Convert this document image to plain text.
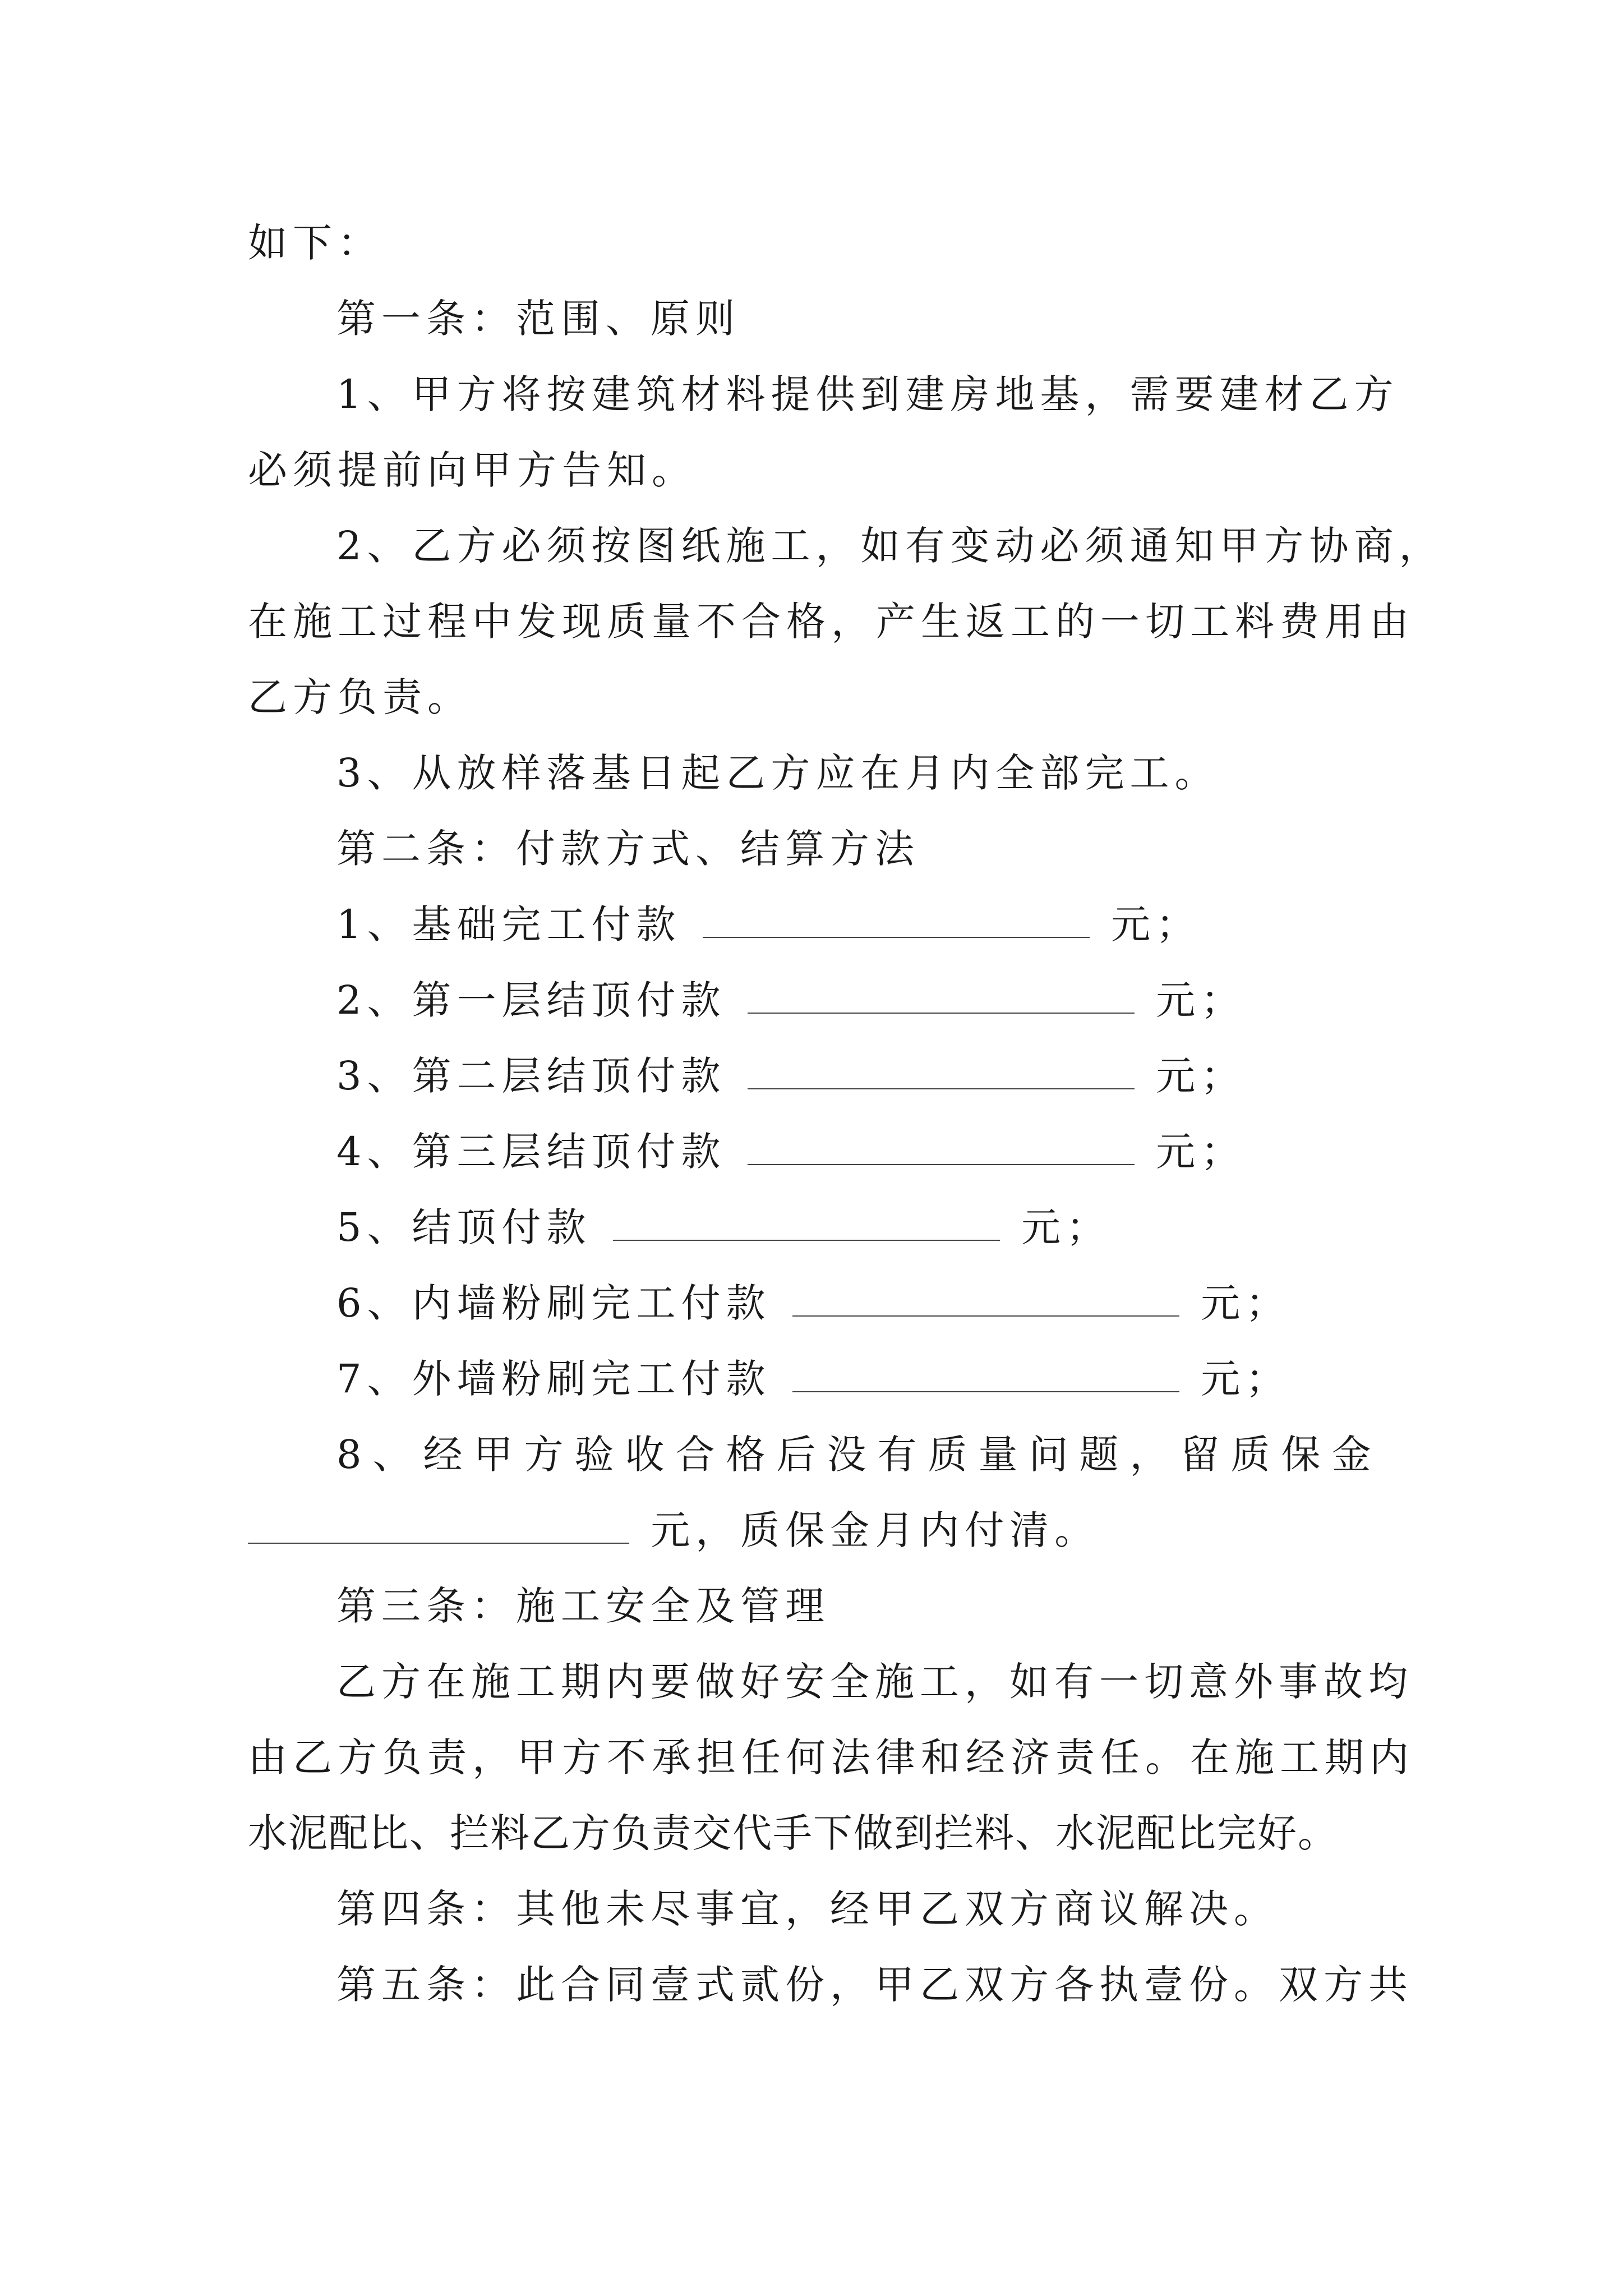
如下：
第一条：范围、原则
1、甲方将按建筑材料提供到建房地基，需要建材乙方
必须提前向甲方告知。
2、乙方必须按图纸施工，如有变动必须通知甲方协商，
在施工过程中发现质量不合格，产生返工的一切工料费用由
乙方负责。
3、从放样落基日起乙方应在月内全部完工。
第二条：付款方式、结算方法
1、基础完工付款	元；
2、第一层结顶付款	元；
3、第二层结顶付款	元；
4、第三层结顶付款	元；
5、结顶付款	元；
6、内墙粉刷完工付款	元；
7、外墙粉刷完工付款	元；
8、经甲方验收合格后没有质量问题，留质保金
元，质保金月内付清。
第三条：施工安全及管理
乙方在施工期内要做好安全施工，如有一切意外事故均
由乙方负责，甲方不承担任何法律和经济责任。在施工期内
水泥配比、拦料乙方负责交代手下做到拦料、水泥配比完好。
第四条：其他未尽事宜，经甲乙双方商议解决。
第五条：此合同壹式贰份，甲乙双方各执壹份。双方共
